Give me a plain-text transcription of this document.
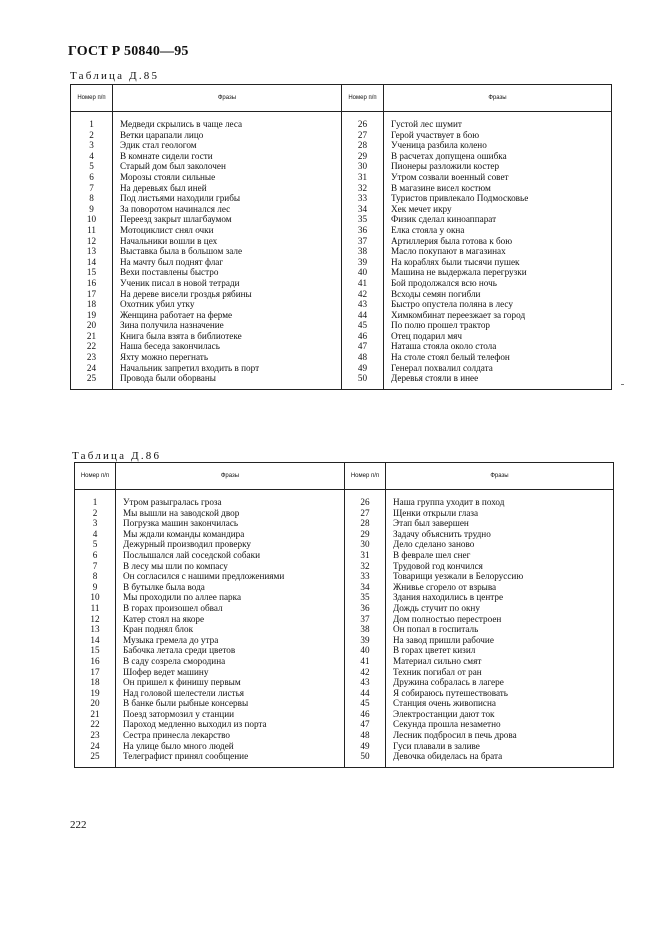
ГОСТ Р 50840—95
Таблица Д.85
Номер п/п	Фразы	Номер п/п	Фразы

1	Медведи скрылись в чаще леса	26	Густой лес шумит
2	Ветки царапали лицо	27	Герой участвует в бою
3	Эдик стал геологом	28	Ученица разбила колено
4	В комнате сидели гости	29	В расчетах допущена ошибка
5	Старый дом был заколочен	30	Пионеры разложили костер
6	Морозы стояли сильные	31	Утром созвали военный совет
7	На деревьях был иней	32	В магазине висел костюм
8	Под листьями находили грибы	33	Туристов привлекало Подмосковье
9	За поворотом начинался лес	34	Хек мечет икру
10	Переезд закрыт шлагбаумом	35	Физик сделал киноаппарат
11	Мотоциклист снял очки	36	Елка стояла у окна
12	Начальники вошли в цех	37	Артиллерия была готова к бою
13	Выставка была в большом зале	38	Масло покупают в магазинах
14	На мачту был поднят флаг	39	На кораблях были тысячи пушек
15	Вехи поставлены быстро	40	Машина не выдержала перегрузки
16	Ученик писал в новой тетради	41	Бой продолжался всю ночь
17	На дереве висели гроздья рябины	42	Всходы семян погибли
18	Охотник убил утку	43	Быстро опустела поляна в лесу
19	Женщина работает на ферме	44	Химкомбинат переезжает за город
20	Зина получила назначение	45	По полю прошел трактор
21	Книга была взята в библиотеке	46	Отец подарил мяч
22	Наша беседа закончилась	47	Наташа стояла около стола
23	Яхту можно перегнать	48	На столе стоял белый телефон
24	Начальник запретил входить в порт	49	Генерал похвалил солдата
25	Провода были оборваны	50	Деревья стояли в инее

Таблица Д.86
Номер п/п	Фразы	Номер п/п	Фразы

1	Утром разыгралась гроза	26	Наша группа уходит в поход
2	Мы вышли на заводской двор	27	Щенки открыли глаза
3	Погрузка машин закончилась	28	Этап был завершен
4	Мы ждали команды командира	29	Задачу объяснить трудно
5	Дежурный производил проверку	30	Дело сделано заново
6	Послышался лай соседской собаки	31	В феврале шел снег
7	В лесу мы шли по компасу	32	Трудовой год кончился
8	Он согласился с нашими предложениями	33	Товарищи уезжали в Белоруссию
9	В бутылке была вода	34	Жнивье сгорело от взрыва
10	Мы проходили по аллее парка	35	Здания находились в центре
11	В горах произошел обвал	36	Дождь стучит по окну
12	Катер стоял на якоре	37	Дом полностью перестроен
13	Кран поднял блок	38	Он попал в госпиталь
14	Музыка гремела до утра	39	На завод пришли рабочие
15	Бабочка летала среди цветов	40	В горах цветет кизил
16	В саду созрела смородина	41	Материал сильно смят
17	Шофер ведет машину	42	Техник погибал от ран
18	Он пришел к финишу первым	43	Дружина собралась в лагере
19	Над головой шелестели листья	44	Я собираюсь путешествовать
20	В банке были рыбные консервы	45	Станция очень живописна
21	Поезд затормозил у станции	46	Электростанции дают ток
22	Пароход медленно выходил из порта	47	Секунда прошла незаметно
23	Сестра принесла лекарство	48	Лесник подбросил в печь дрова
24	На улице было много людей	49	Гуси плавали в заливе
25	Телеграфист принял сообщение	50	Девочка обиделась на брата

222
